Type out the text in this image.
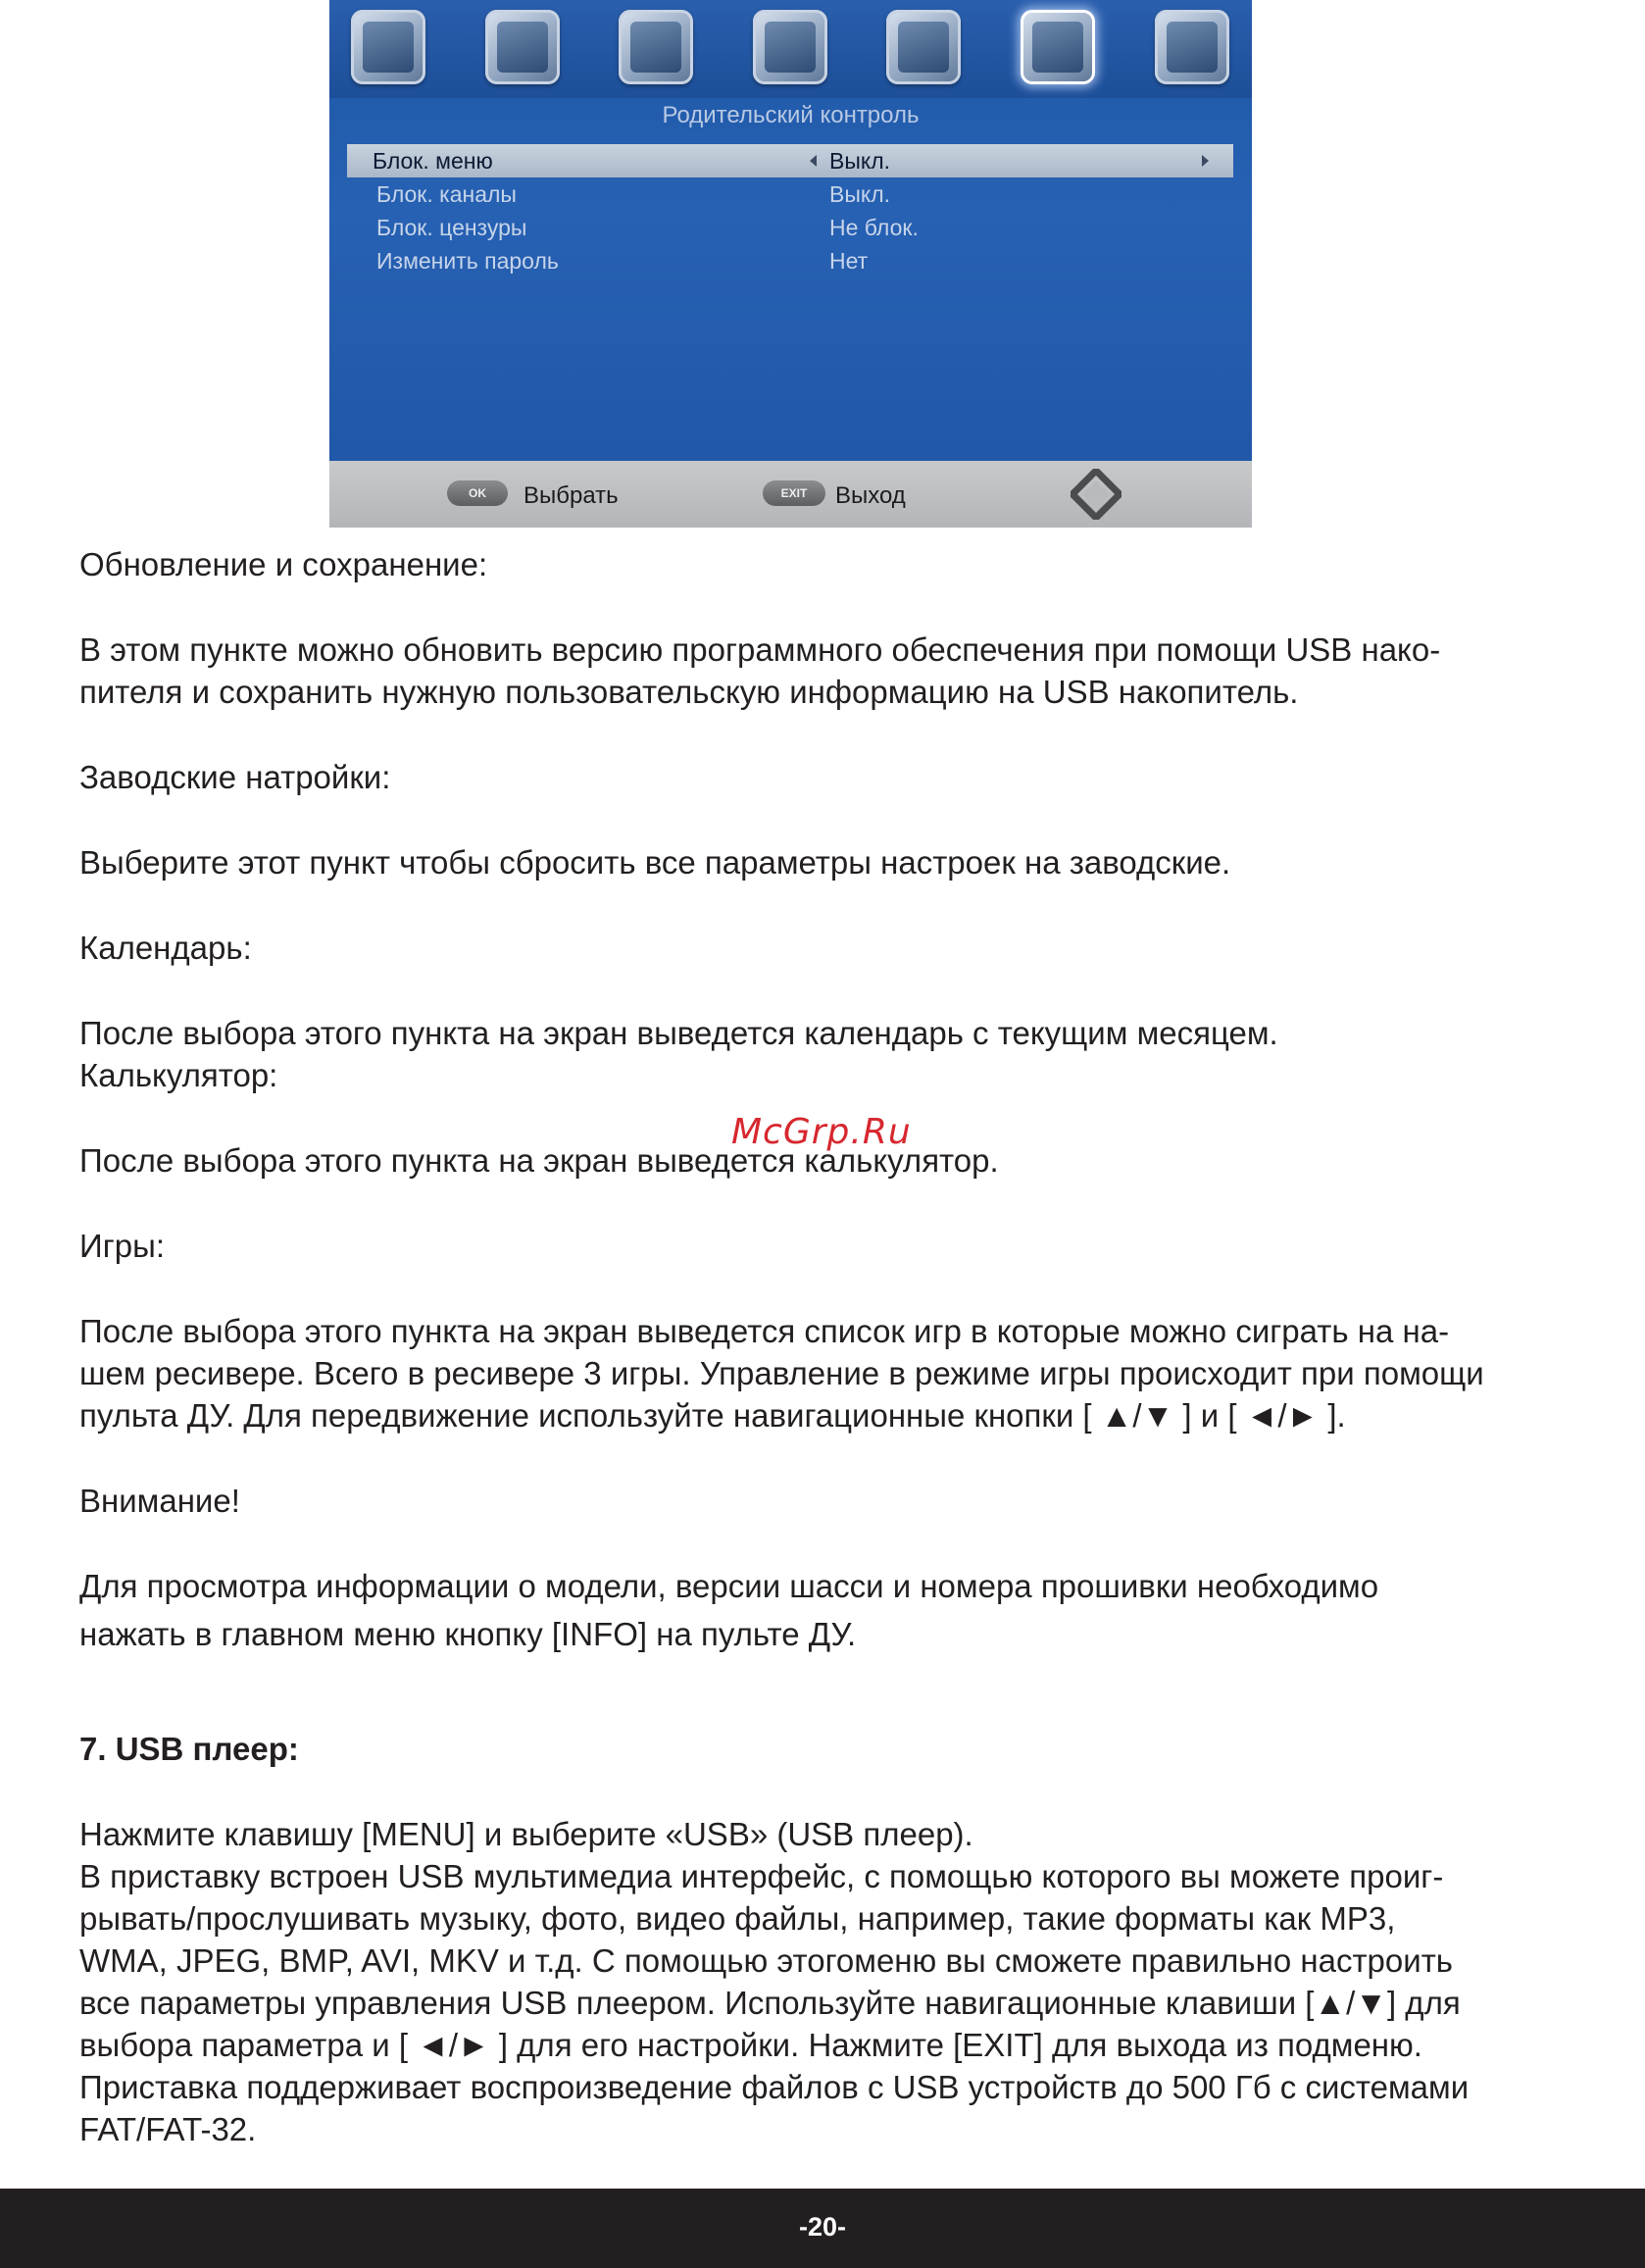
Родительский контроль
Блок. меню	Выкл.
Блок. каналы	Выкл.
Блок. цензуры	Не блок.
Изменить пароль	Нет
OK	Выбрать	EXIT	Выход

Обновление и сохранение:

В этом пункте можно обновить версию программного обеспечения при помощи USB нако-

пителя и сохранить нужную пользовательскую информацию на USB накопитель.

Заводские натройки:

Выберите этот пункт чтобы сбросить все параметры настроек на заводские.

Календарь:

После выбора этого пункта на экран выведется календарь с текущим месяцем.

Калькулятор:

После выбора этого пункта на экран выведется калькулятор.

Игры:

После выбора этого пункта на экран выведется список игр в которые можно сиграть на на-

шем ресивере. Всего в ресивере 3 игры. Управление в режиме игры происходит при помощи

пульта ДУ. Для передвижение используйте навигационные кнопки [ ▲/▼ ] и [ ◄/► ].

Внимание!

Для просмотра информации о модели, версии шасси и номера прошивки необходимо

нажать в главном меню кнопку [INFO] на пульте ДУ.

7. USB плеер:

Нажмите клавишу [MENU] и выберите «USB» (USB плеер).

В приставку встроен USB мультимедиа интерфейс, с помощью которого вы можете проиг-

рывать/прослушивать музыку, фото, видео файлы, например, такие форматы как MP3,

WMA, JPEG, BMP, AVI, MKV и т.д. С помощью этогоменю вы сможете правильно настроить

все параметры управления USB плеером. Используйте навигационные клавиши [▲/▼] для

выбора параметра и [ ◄/► ] для его настройки. Нажмите [EXIT] для выхода из подменю.

Приставка поддерживает воспроизведение файлов с USB устройств до 500 Гб с системами

FAT/FAT-32.

McGrp.Ru
-20-
